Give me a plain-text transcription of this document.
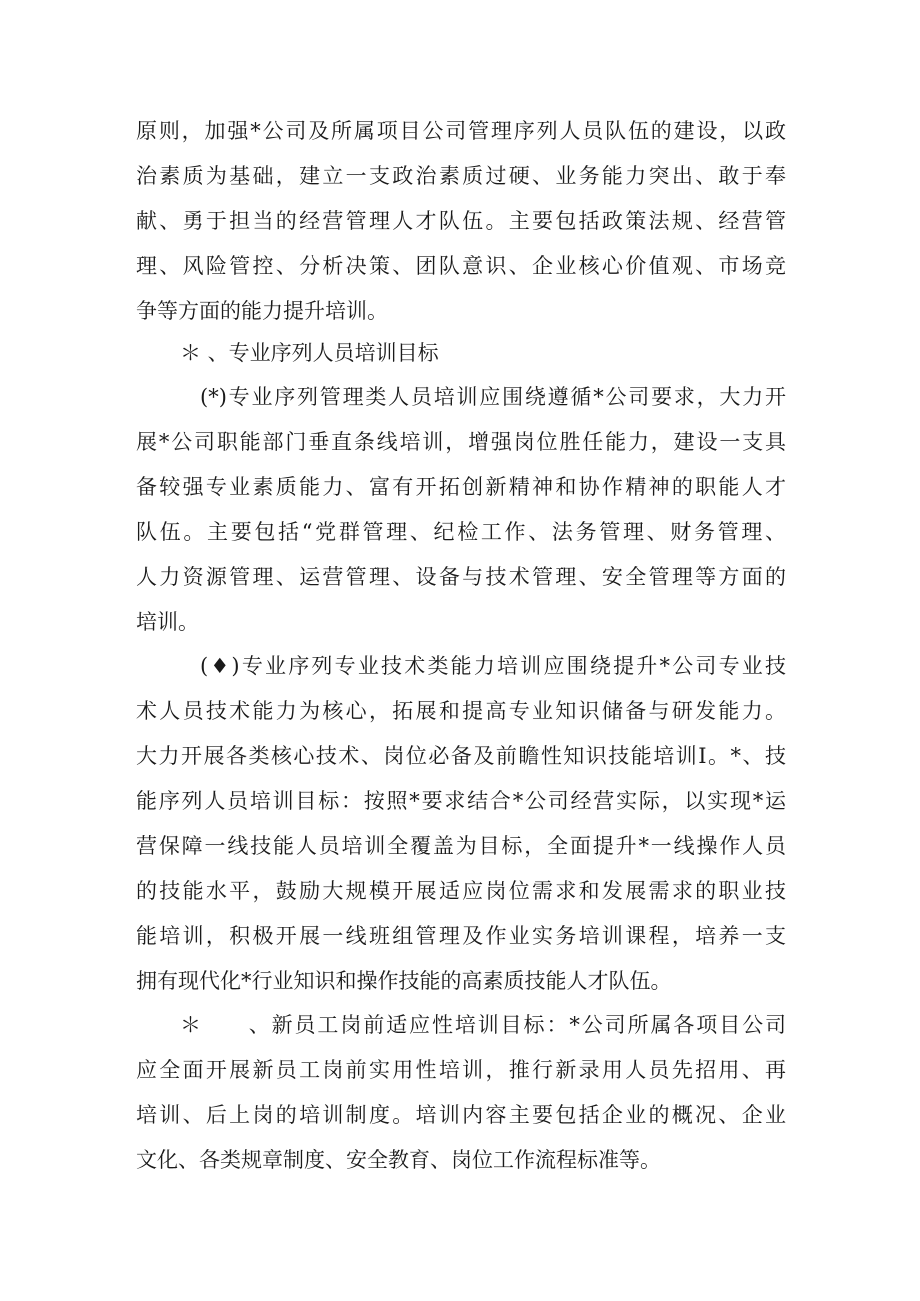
原则，加强*公司及所属项目公司管理序列人员队伍的建设，以政

治素质为基础，建立一支政治素质过硬、业务能力突出、敢于奉

献、勇于担当的经营管理人才队伍。主要包括政策法规、经营管

理、风险管控、分析决策、团队意识、企业核心价值观、市场竞

争等方面的能力提升培训。

＊ 、专业序列人员培训目标

(*)专业序列管理类人员培训应围绕遵循*公司要求，大力开

展*公司职能部门垂直条线培训，增强岗位胜任能力，建设一支具

备较强专业素质能力、富有开拓创新精神和协作精神的职能人才

队伍。主要包括“党群管理、纪检工作、法务管理、财务管理、

人力资源管理、运营管理、设备与技术管理、安全管理等方面的

培训。

(♦)专业序列专业技术类能力培训应围绕提升*公司专业技

术人员技术能力为核心，拓展和提高专业知识储备与研发能力。

大力开展各类核心技术、岗位必备及前瞻性知识技能培训I。*、技

能序列人员培训目标：按照*要求结合*公司经营实际，以实现*运

营保障一线技能人员培训全覆盖为目标，全面提升*一线操作人员

的技能水平，鼓励大规模开展适应岗位需求和发展需求的职业技

能培训，积极开展一线班组管理及作业实务培训课程，培养一支

拥有现代化*行业知识和操作技能的高素质技能人才队伍。

＊　　、新员工岗前适应性培训目标：*公司所属各项目公司

应全面开展新员工岗前实用性培训，推行新录用人员先招用、再

培训、后上岗的培训制度。培训内容主要包括企业的概况、企业

文化、各类规章制度、安全教育、岗位工作流程标准等。
